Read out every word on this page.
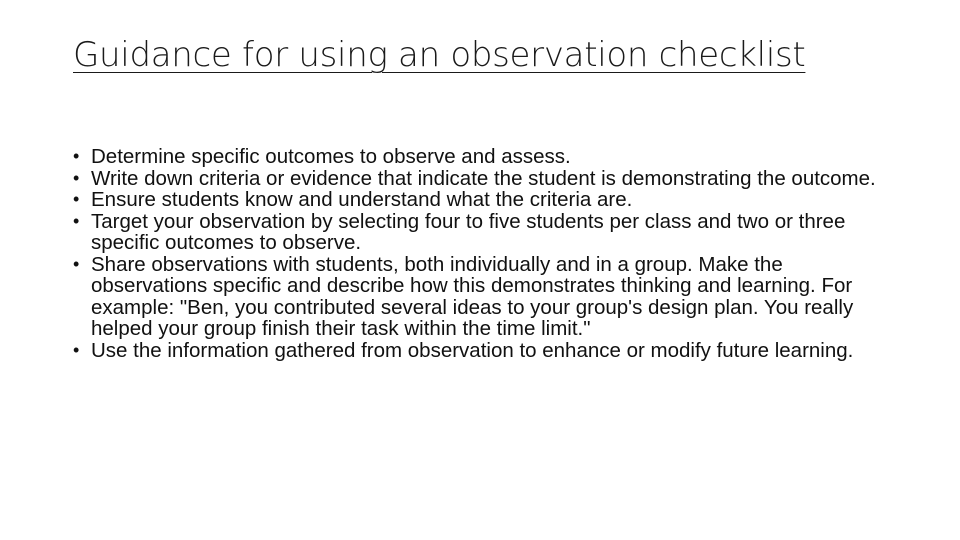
Guidance for using an observation checklist
• Determine specific outcomes to observe and assess.
• Write down criteria or evidence that indicate the student is demonstrating the outcome.
• Ensure students know and understand what the criteria are.
• Target your observation by selecting four to five students per class and two or three specific outcomes to observe.
• Share observations with students, both individually and in a group. Make the observations specific and describe how this demonstrates thinking and learning. For example: "Ben, you contributed several ideas to your group's design plan. You really helped your group finish their task within the time limit."
• Use the information gathered from observation to enhance or modify future learning.
